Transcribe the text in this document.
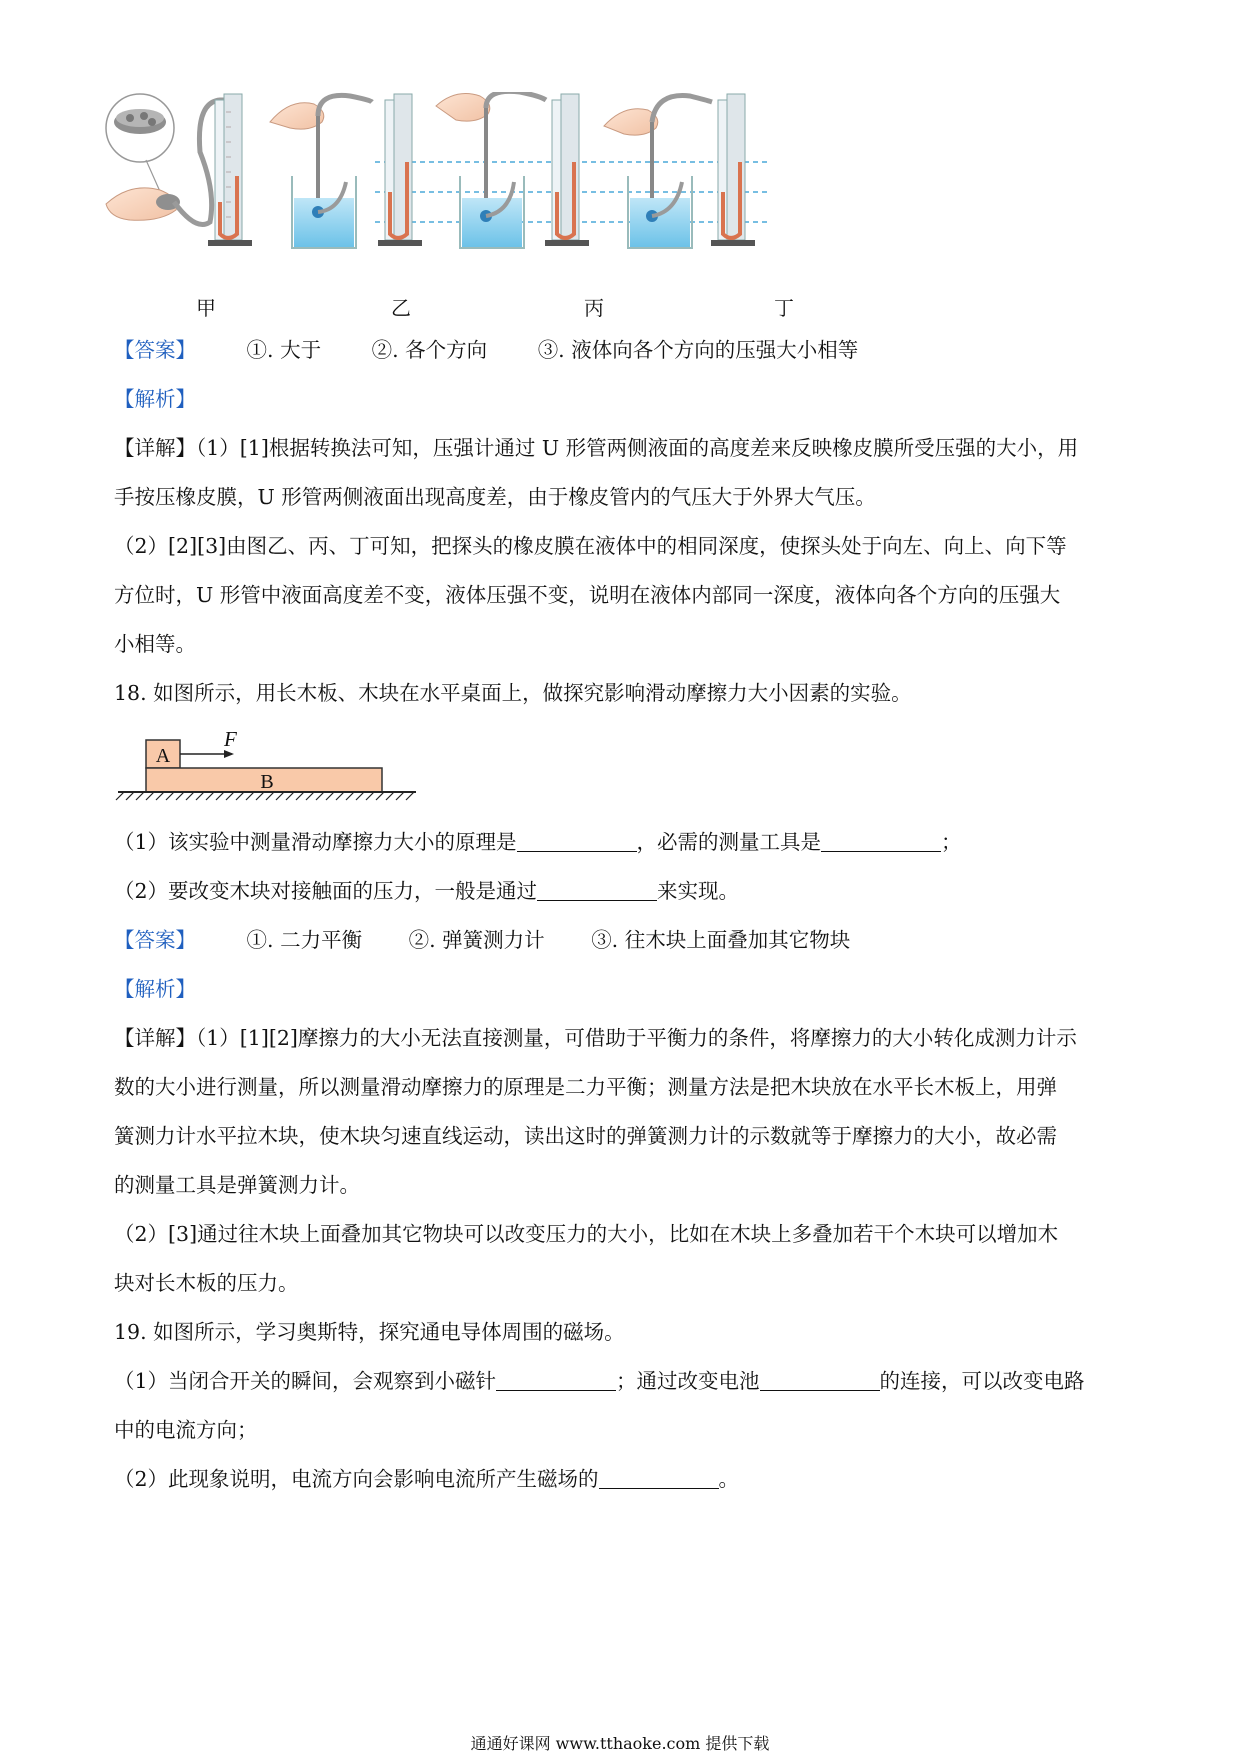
甲	乙	丙	丁
【答案】 ①. 大于 ②. 各个方向 ③. 液体向各个方向的压强大小相等
【解析】
【详解】（1）[1]根据转换法可知，压强计通过 U 形管两侧液面的高度差来反映橡皮膜所受压强的大小，用
手按压橡皮膜，U 形管两侧液面出现高度差，由于橡皮管内的气压大于外界大气压。
（2）[2][3]由图乙、丙、丁可知，把探头的橡皮膜在液体中的相同深度，使探头处于向左、向上、向下等
方位时，U 形管中液面高度差不变，液体压强不变，说明在液体内部同一深度，液体向各个方向的压强大
小相等。
18. 如图所示，用长木板、木块在水平桌面上，做探究影响滑动摩擦力大小因素的实验。
A
B
F
（1）该实验中测量滑动摩擦力大小的原理是	，必需的测量工具是	；
（2）要改变木块对接触面的压力，一般是通过	来实现。
【答案】 ①. 二力平衡 ②. 弹簧测力计 ③. 往木块上面叠加其它物块
【解析】
【详解】（1）[1][2]摩擦力的大小无法直接测量，可借助于平衡力的条件，将摩擦力的大小转化成测力计示
数的大小进行测量，所以测量滑动摩擦力的原理是二力平衡；测量方法是把木块放在水平长木板上，用弹
簧测力计水平拉木块，使木块匀速直线运动，读出这时的弹簧测力计的示数就等于摩擦力的大小，故必需
的测量工具是弹簧测力计。
（2）[3]通过往木块上面叠加其它物块可以改变压力的大小，比如在木块上多叠加若干个木块可以增加木
块对长木板的压力。
19. 如图所示，学习奥斯特，探究通电导体周围的磁场。
（1）当闭合开关的瞬间，会观察到小磁针	；通过改变电池	的连接，可以改变电路
中的电流方向；
（2）此现象说明，电流方向会影响电流所产生磁场的	。
通通好课网 www.tthaoke.com 提供下载
